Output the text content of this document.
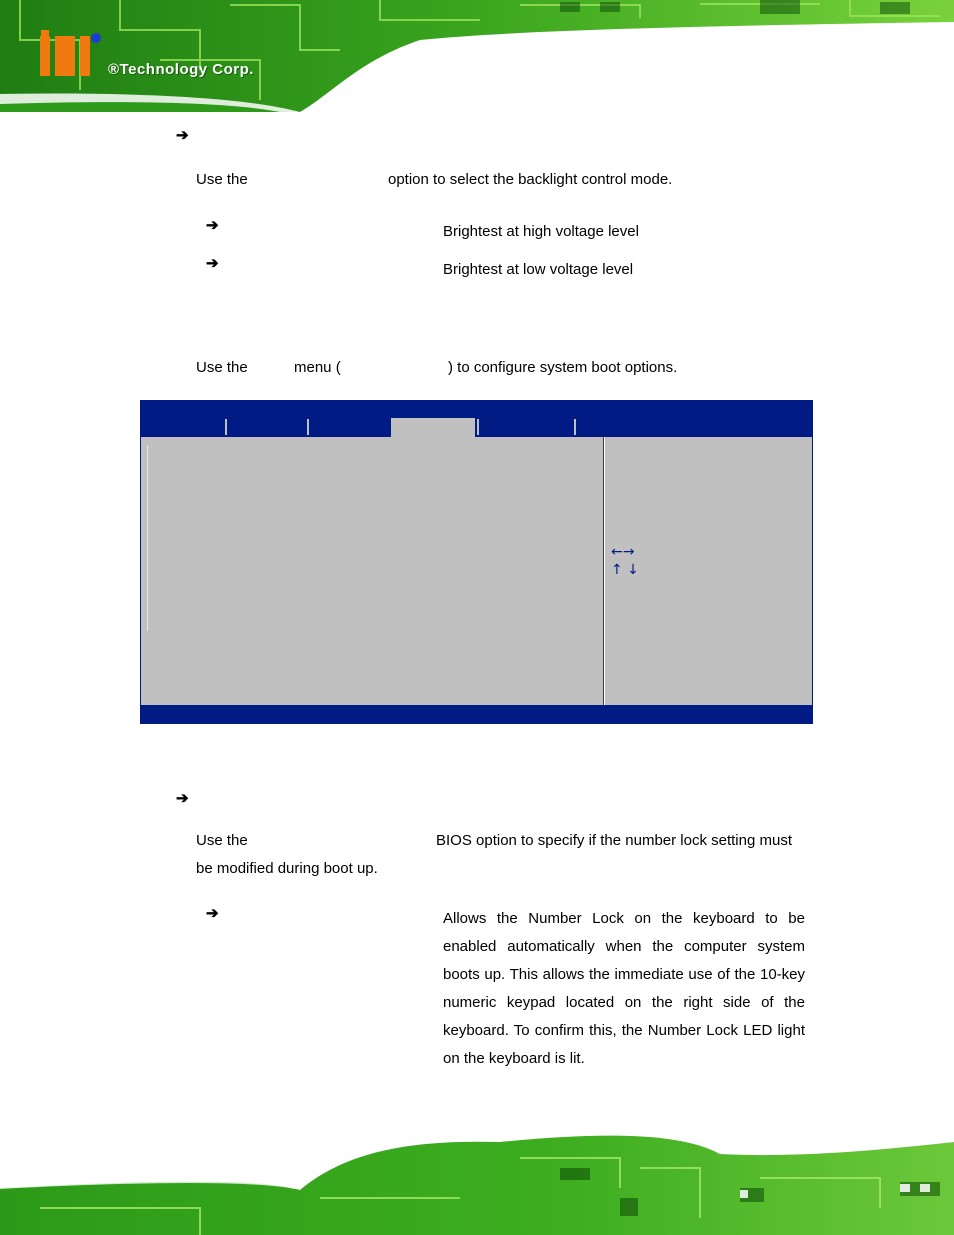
®Technology Corp.
➔
Use the	option to select the backlight control mode.
➔	Brightest at high voltage level
➔	Brightest at low voltage level
Use the	menu (	) to configure system boot options.
←→
↑ ↓
➔
Use the	BIOS option to specify if the number lock setting must
be modified during boot up.
➔	Allows the Number Lock on the keyboard to be enabled automatically when the computer system boots up. This allows the immediate use of the 10-key numeric keypad located on the right side of the keyboard. To confirm this, the Number Lock LED light on the keyboard is lit.
